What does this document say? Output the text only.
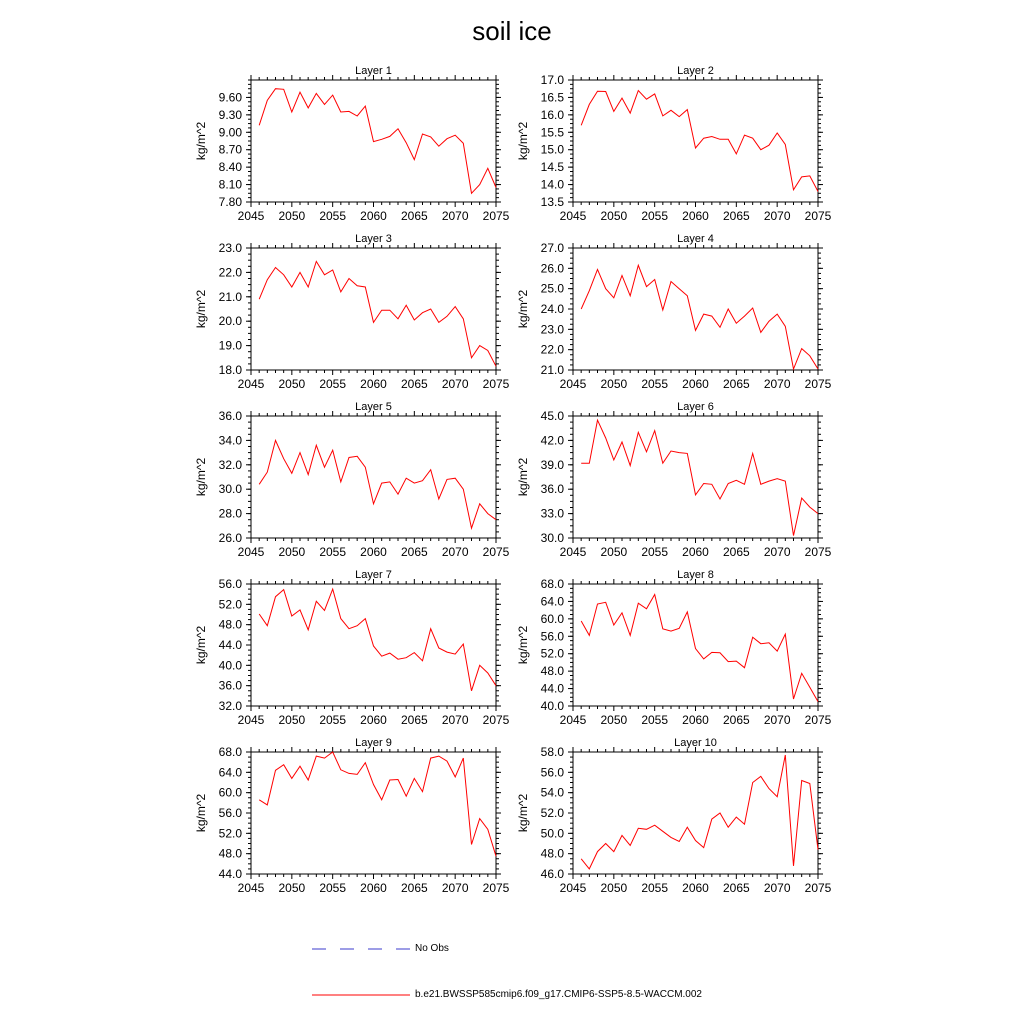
soil ice
Layer 1
kg/m^2
2045 2050 2055 2060 2065 2070 2075
7.80
8.10
8.40
8.70
9.00
9.30
9.60
Layer 2
kg/m^2
2045 2050 2055 2060 2065 2070 2075
13.5
14.0
14.5
15.0
15.5
16.0
16.5
17.0
Layer 3
kg/m^2
2045 2050 2055 2060 2065 2070 2075
18.0
19.0
20.0
21.0
22.0
23.0
Layer 4
kg/m^2
2045 2050 2055 2060 2065 2070 2075
21.0
22.0
23.0
24.0
25.0
26.0
27.0
Layer 5
kg/m^2
2045 2050 2055 2060 2065 2070 2075
26.0
28.0
30.0
32.0
34.0
36.0
Layer 6
kg/m^2
2045 2050 2055 2060 2065 2070 2075
30.0
33.0
36.0
39.0
42.0
45.0
Layer 7
kg/m^2
2045 2050 2055 2060 2065 2070 2075
32.0
36.0
40.0
44.0
48.0
52.0
56.0
Layer 8
kg/m^2
2045 2050 2055 2060 2065 2070 2075
40.0
44.0
48.0
52.0
56.0
60.0
64.0
68.0
Layer 9
kg/m^2
2045 2050 2055 2060 2065 2070 2075
44.0
48.0
52.0
56.0
60.0
64.0
68.0
Layer 10
kg/m^2
2045 2050 2055 2060 2065 2070 2075
46.0
48.0
50.0
52.0
54.0
56.0
58.0
No Obs
b.e21.BWSSP585cmip6.f09_g17.CMIP6-SSP5-8.5-WACCM.002
